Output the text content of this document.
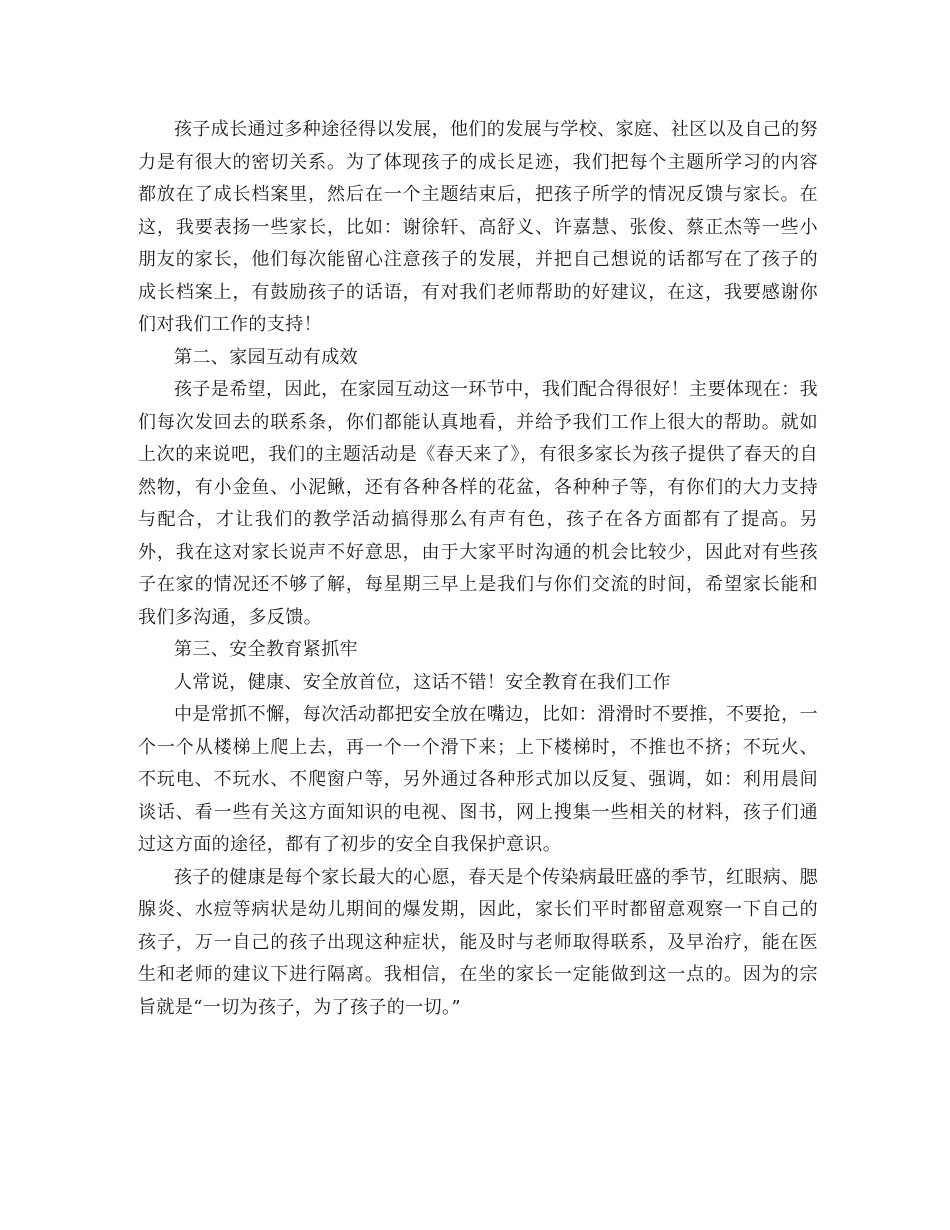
孩子成长通过多种途径得以发展，他们的发展与学校、家庭、社区以及自己的努力是有很大的密切关系。为了体现孩子的成长足迹，我们把每个主题所学习的内容都放在了成长档案里，然后在一个主题结束后，把孩子所学的情况反馈与家长。在这，我要表扬一些家长，比如：谢徐轩、高舒义、许嘉慧、张俊、蔡正杰等一些小朋友的家长，他们每次能留心注意孩子的发展，并把自己想说的话都写在了孩子的成长档案上，有鼓励孩子的话语，有对我们老师帮助的好建议，在这，我要感谢你们对我们工作的支持！

第二、家园互动有成效

孩子是希望，因此，在家园互动这一环节中，我们配合得很好！主要体现在：我们每次发回去的联系条，你们都能认真地看，并给予我们工作上很大的帮助。就如上次的来说吧，我们的主题活动是《春天来了》，有很多家长为孩子提供了春天的自然物，有小金鱼、小泥鳅，还有各种各样的花盆，各种种子等，有你们的大力支持与配合，才让我们的教学活动搞得那么有声有色，孩子在各方面都有了提高。另外，我在这对家长说声不好意思，由于大家平时沟通的机会比较少，因此对有些孩子在家的情况还不够了解，每星期三早上是我们与你们交流的时间，希望家长能和我们多沟通，多反馈。

第三、安全教育紧抓牢

人常说，健康、安全放首位，这话不错！安全教育在我们工作

中是常抓不懈，每次活动都把安全放在嘴边，比如：滑滑时不要推，不要抢，一个一个从楼梯上爬上去，再一个一个滑下来；上下楼梯时，不推也不挤；不玩火、不玩电、不玩水、不爬窗户等，另外通过各种形式加以反复、强调，如：利用晨间谈话、看一些有关这方面知识的电视、图书，网上搜集一些相关的材料，孩子们通过这方面的途径，都有了初步的安全自我保护意识。

孩子的健康是每个家长最大的心愿，春天是个传染病最旺盛的季节，红眼病、腮腺炎、水痘等病状是幼儿期间的爆发期，因此，家长们平时都留意观察一下自己的孩子，万一自己的孩子出现这种症状，能及时与老师取得联系，及早治疗，能在医生和老师的建议下进行隔离。我相信，在坐的家长一定能做到这一点的。因为的宗旨就是“一切为孩子，为了孩子的一切。”
